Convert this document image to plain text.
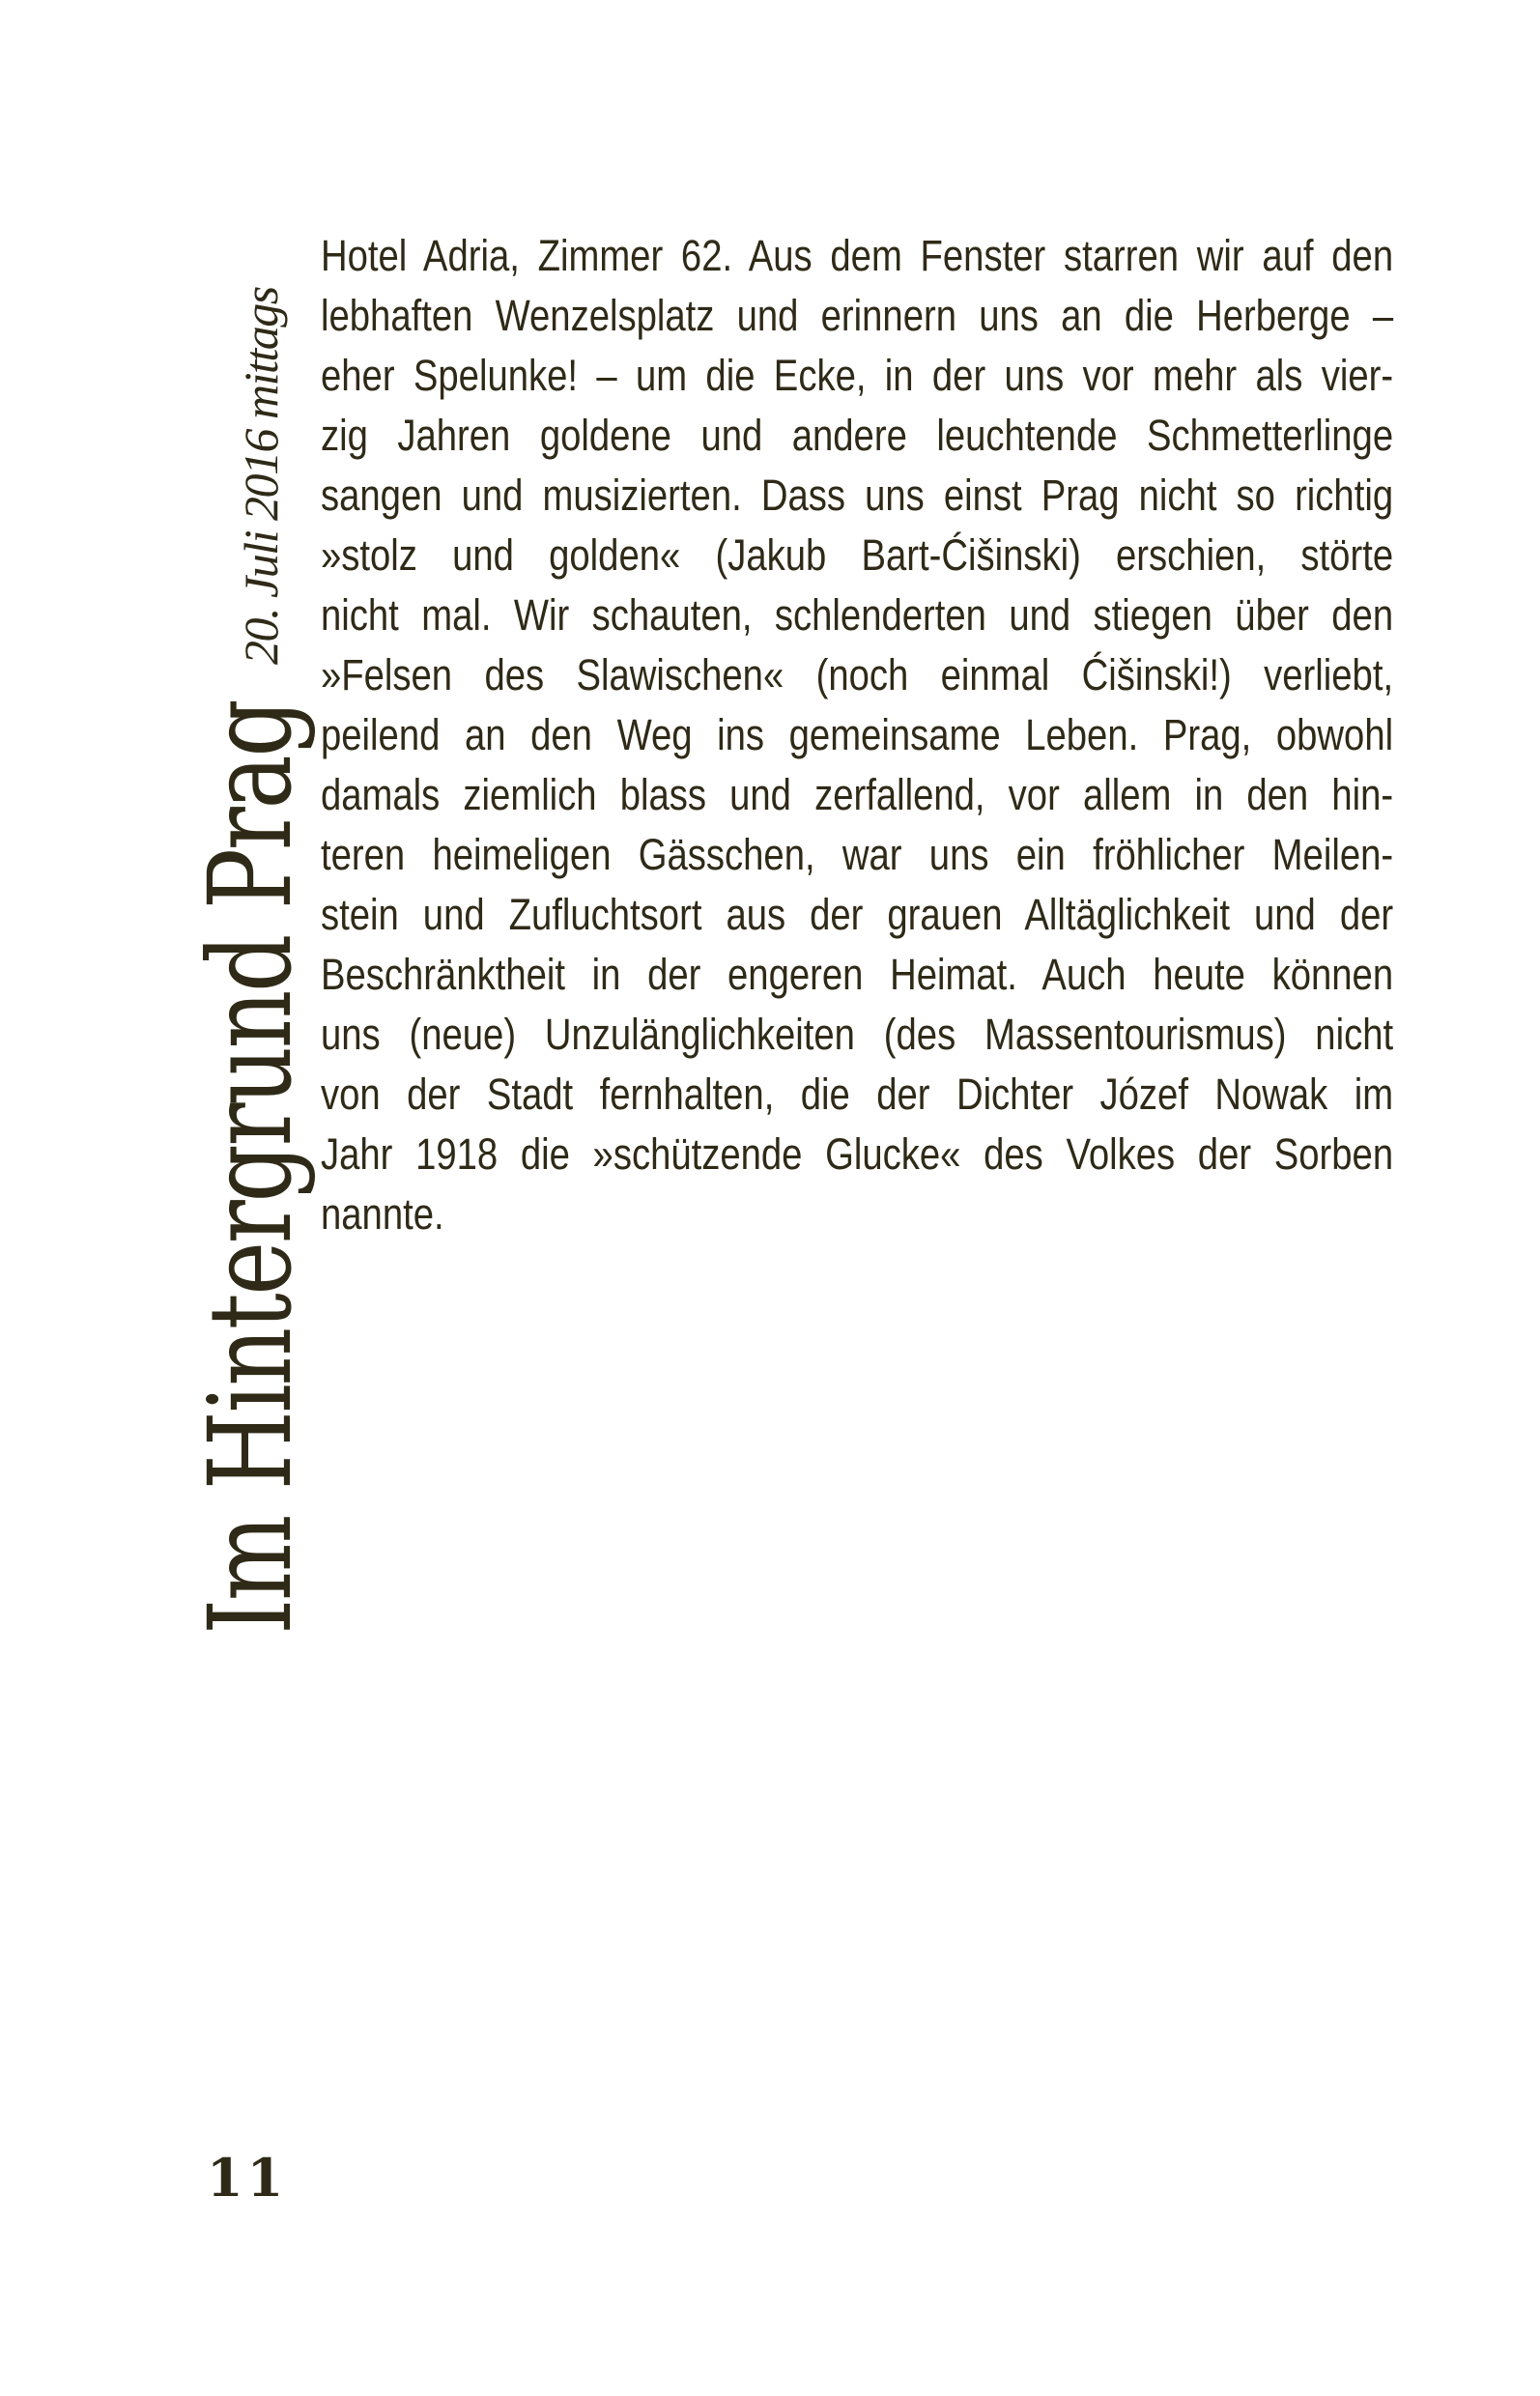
Im Hintergrund Prag
20. Juli 2016 mittags
Hotel Adria, Zimmer 62. Aus dem Fenster starren wir auf den
lebhaften Wenzelsplatz und erinnern uns an die Herberge –
eher Spelunke! – um die Ecke, in der uns vor mehr als vier-
zig Jahren goldene und andere leuchtende Schmetterlinge
sangen und musizierten. Dass uns einst Prag nicht so richtig
»stolz und golden« (Jakub Bart-Ćišinski) erschien, störte
nicht mal. Wir schauten, schlenderten und stiegen über den
»Felsen des Slawischen« (noch einmal Ćišinski!) verliebt,
peilend an den Weg ins gemeinsame Leben. Prag, obwohl
damals ziemlich blass und zerfallend, vor allem in den hin-
teren heimeligen Gässchen, war uns ein fröhlicher Meilen-
stein und Zufluchtsort aus der grauen Alltäglichkeit und der
Beschränktheit in der engeren Heimat. Auch heute können
uns (neue) Unzulänglichkeiten (des Massentourismus) nicht
von der Stadt fernhalten, die der Dichter Józef Nowak im
Jahr 1918 die »schützende Glucke« des Volkes der Sorben
nannte.
11
